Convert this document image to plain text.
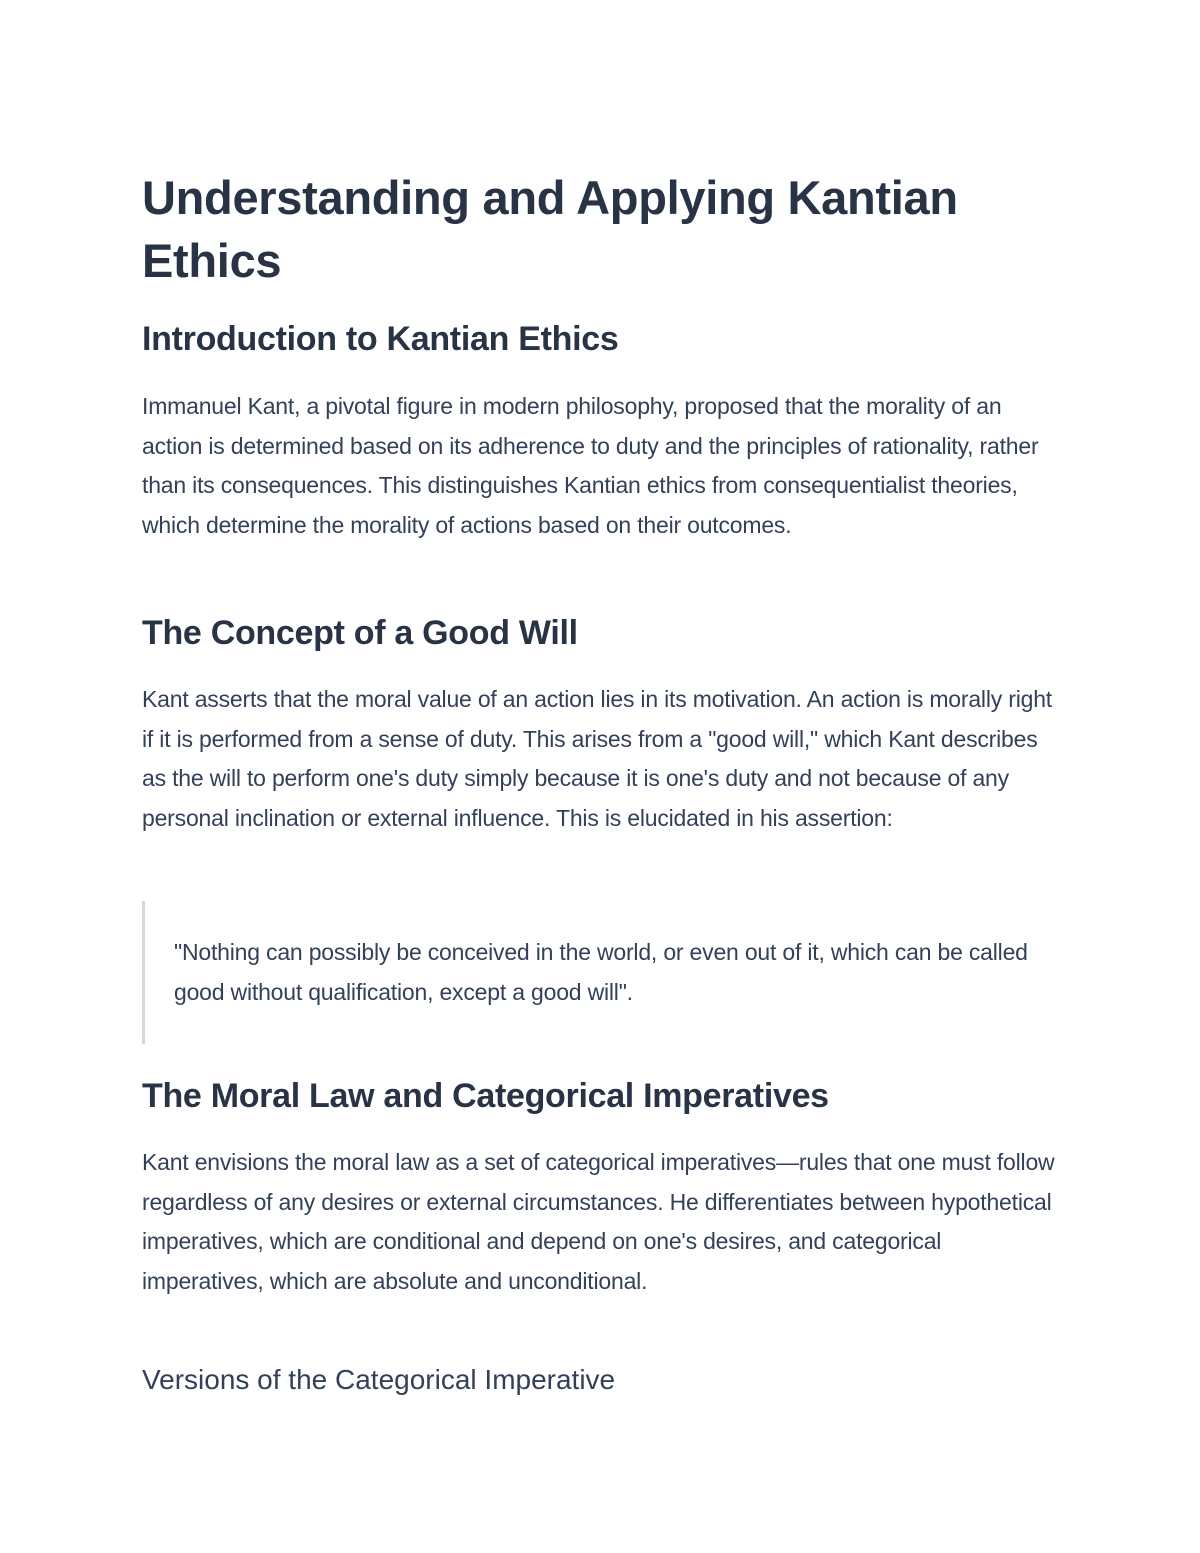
Understanding and Applying Kantian Ethics
Introduction to Kantian Ethics

Immanuel Kant, a pivotal figure in modern philosophy, proposed that the morality of an action is determined based on its adherence to duty and the principles of rationality, rather than its consequences. This distinguishes Kantian ethics from consequentialist theories, which determine the morality of actions based on their outcomes.

The Concept of a Good Will

Kant asserts that the moral value of an action lies in its motivation. An action is morally right if it is performed from a sense of duty. This arises from a "good will," which Kant describes as the will to perform one's duty simply because it is one's duty and not because of any personal inclination or external influence. This is elucidated in his assertion:

"Nothing can possibly be conceived in the world, or even out of it, which can be called good without qualification, except a good will".

The Moral Law and Categorical Imperatives

Kant envisions the moral law as a set of categorical imperatives—rules that one must follow regardless of any desires or external circumstances. He differentiates between hypothetical imperatives, which are conditional and depend on one's desires, and categorical imperatives, which are absolute and unconditional.

Versions of the Categorical Imperative
